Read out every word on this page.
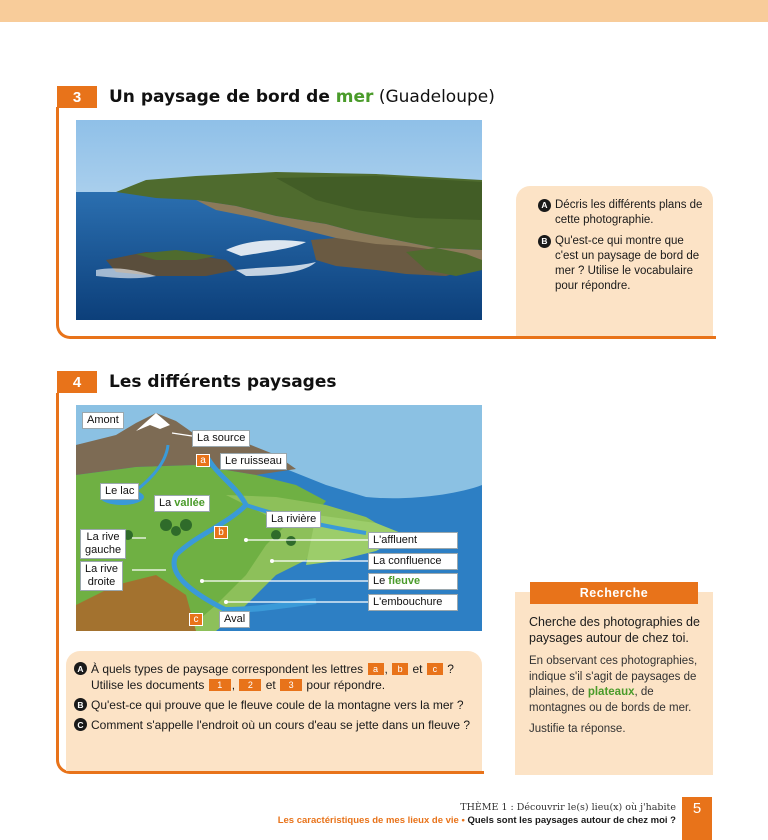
3	Un paysage de bord de mer (Guadeloupe)
A Décris les différents plans de cette photographie.
B Qu'est-ce qui montre que c'est un paysage de bord de mer ? Utilise le vocabulaire pour répondre.
4	Les différents paysages
Amont
La source
a	Le ruisseau
Le lac
La vallée
La rivière
b
La rive
gauche
La rive
droite
L'affluent
La confluence
Le fleuve
L'embouchure
c	Aval
A À quels types de paysage correspondent les lettres a , b et c ?
Utilise les documents 1 , 2 et 3 pour répondre.
B Qu'est-ce qui prouve que le fleuve coule de la montagne vers la mer ?
C Comment s'appelle l'endroit où un cours d'eau se jette dans un fleuve ?
Cherche des photographies de paysages autour de chez toi.
En observant ces photographies, indique s'il s'agit de paysages de plaines, de plateaux, de montagnes ou de bords de mer.
Justifie ta réponse.
Recherche
THÈME 1 : Découvrir le(s) lieu(x) où j'habite
Les caractéristiques de mes lieux de vie • Quels sont les paysages autour de chez moi ?
5
